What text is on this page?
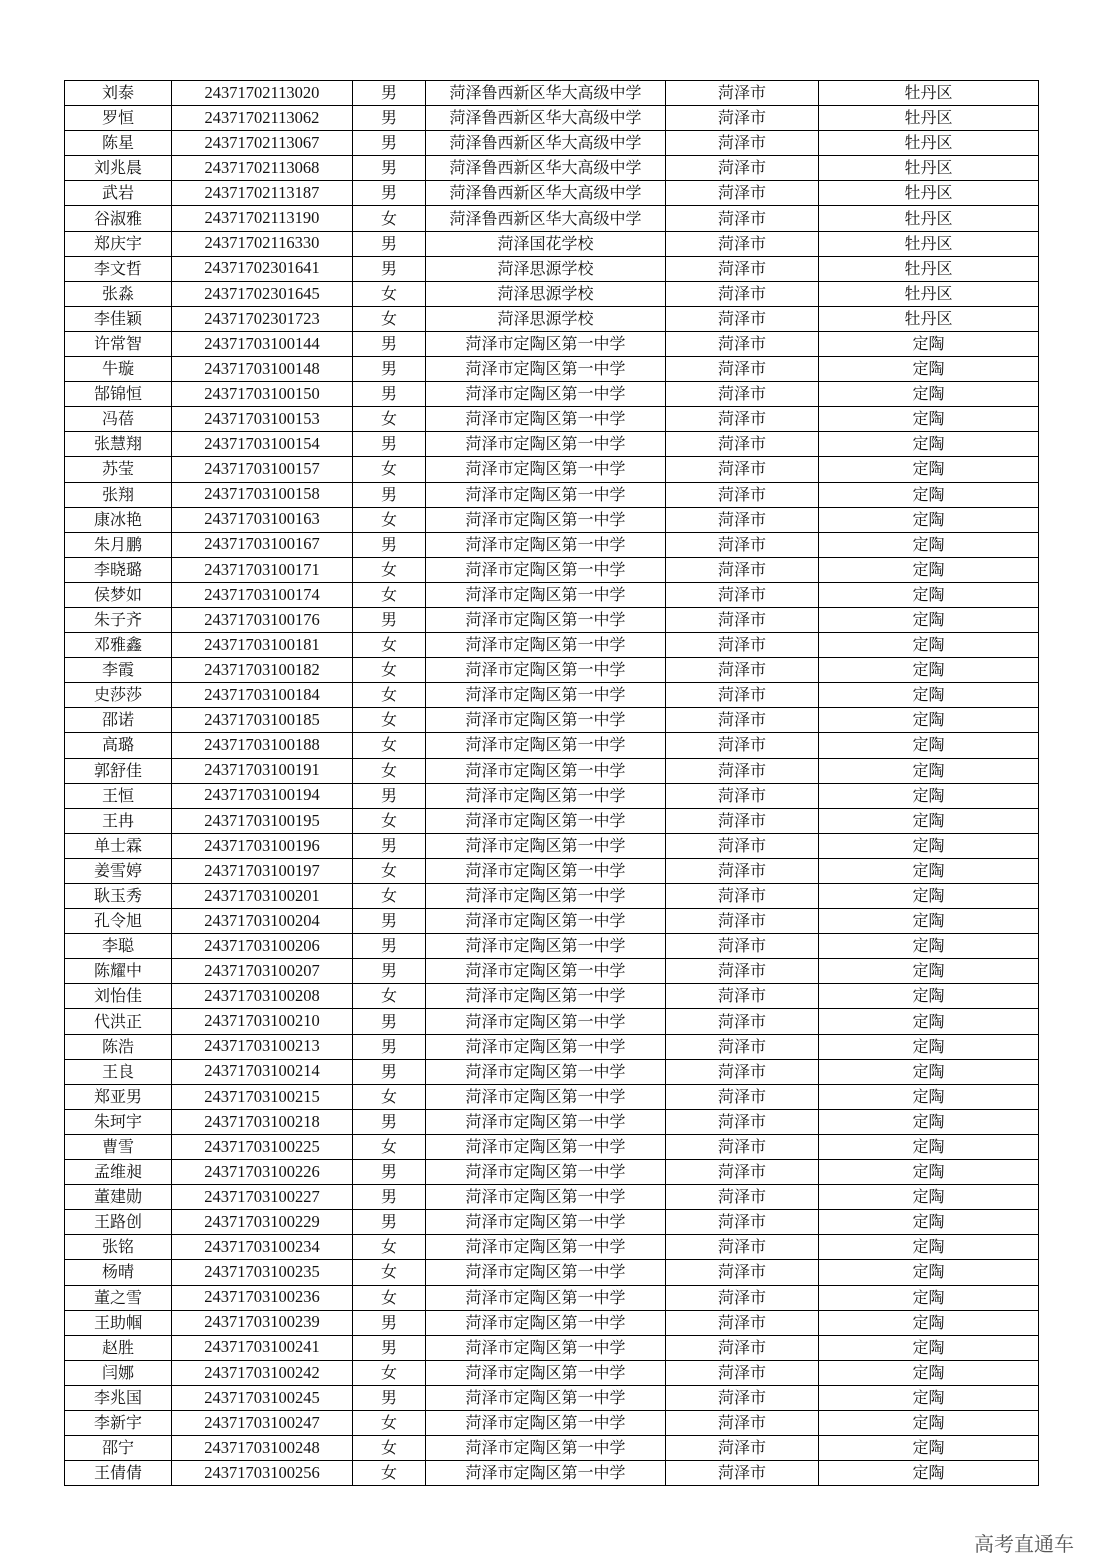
刘泰	24371702113020	男	菏泽鲁西新区华大高级中学	菏泽市	牡丹区
罗恒	24371702113062	男	菏泽鲁西新区华大高级中学	菏泽市	牡丹区
陈星	24371702113067	男	菏泽鲁西新区华大高级中学	菏泽市	牡丹区
刘兆晨	24371702113068	男	菏泽鲁西新区华大高级中学	菏泽市	牡丹区
武岩	24371702113187	男	菏泽鲁西新区华大高级中学	菏泽市	牡丹区
谷淑雅	24371702113190	女	菏泽鲁西新区华大高级中学	菏泽市	牡丹区
郑庆宇	24371702116330	男	菏泽国花学校	菏泽市	牡丹区
李文哲	24371702301641	男	菏泽思源学校	菏泽市	牡丹区
张淼	24371702301645	女	菏泽思源学校	菏泽市	牡丹区
李佳颖	24371702301723	女	菏泽思源学校	菏泽市	牡丹区
许常智	24371703100144	男	菏泽市定陶区第一中学	菏泽市	定陶
牛璇	24371703100148	男	菏泽市定陶区第一中学	菏泽市	定陶
郜锦恒	24371703100150	男	菏泽市定陶区第一中学	菏泽市	定陶
冯蓓	24371703100153	女	菏泽市定陶区第一中学	菏泽市	定陶
张慧翔	24371703100154	男	菏泽市定陶区第一中学	菏泽市	定陶
苏莹	24371703100157	女	菏泽市定陶区第一中学	菏泽市	定陶
张翔	24371703100158	男	菏泽市定陶区第一中学	菏泽市	定陶
康冰艳	24371703100163	女	菏泽市定陶区第一中学	菏泽市	定陶
朱月鹏	24371703100167	男	菏泽市定陶区第一中学	菏泽市	定陶
李晓璐	24371703100171	女	菏泽市定陶区第一中学	菏泽市	定陶
侯梦如	24371703100174	女	菏泽市定陶区第一中学	菏泽市	定陶
朱子齐	24371703100176	男	菏泽市定陶区第一中学	菏泽市	定陶
邓雅鑫	24371703100181	女	菏泽市定陶区第一中学	菏泽市	定陶
李霞	24371703100182	女	菏泽市定陶区第一中学	菏泽市	定陶
史莎莎	24371703100184	女	菏泽市定陶区第一中学	菏泽市	定陶
邵诺	24371703100185	女	菏泽市定陶区第一中学	菏泽市	定陶
高璐	24371703100188	女	菏泽市定陶区第一中学	菏泽市	定陶
郭舒佳	24371703100191	女	菏泽市定陶区第一中学	菏泽市	定陶
王恒	24371703100194	男	菏泽市定陶区第一中学	菏泽市	定陶
王冉	24371703100195	女	菏泽市定陶区第一中学	菏泽市	定陶
单士霖	24371703100196	男	菏泽市定陶区第一中学	菏泽市	定陶
姜雪婷	24371703100197	女	菏泽市定陶区第一中学	菏泽市	定陶
耿玉秀	24371703100201	女	菏泽市定陶区第一中学	菏泽市	定陶
孔令旭	24371703100204	男	菏泽市定陶区第一中学	菏泽市	定陶
李聪	24371703100206	男	菏泽市定陶区第一中学	菏泽市	定陶
陈耀中	24371703100207	男	菏泽市定陶区第一中学	菏泽市	定陶
刘怡佳	24371703100208	女	菏泽市定陶区第一中学	菏泽市	定陶
代洪正	24371703100210	男	菏泽市定陶区第一中学	菏泽市	定陶
陈浩	24371703100213	男	菏泽市定陶区第一中学	菏泽市	定陶
王良	24371703100214	男	菏泽市定陶区第一中学	菏泽市	定陶
郑亚男	24371703100215	女	菏泽市定陶区第一中学	菏泽市	定陶
朱珂宇	24371703100218	男	菏泽市定陶区第一中学	菏泽市	定陶
曹雪	24371703100225	女	菏泽市定陶区第一中学	菏泽市	定陶
孟维昶	24371703100226	男	菏泽市定陶区第一中学	菏泽市	定陶
董建勋	24371703100227	男	菏泽市定陶区第一中学	菏泽市	定陶
王路创	24371703100229	男	菏泽市定陶区第一中学	菏泽市	定陶
张铭	24371703100234	女	菏泽市定陶区第一中学	菏泽市	定陶
杨晴	24371703100235	女	菏泽市定陶区第一中学	菏泽市	定陶
董之雪	24371703100236	女	菏泽市定陶区第一中学	菏泽市	定陶
王助帼	24371703100239	男	菏泽市定陶区第一中学	菏泽市	定陶
赵胜	24371703100241	男	菏泽市定陶区第一中学	菏泽市	定陶
闫娜	24371703100242	女	菏泽市定陶区第一中学	菏泽市	定陶
李兆国	24371703100245	男	菏泽市定陶区第一中学	菏泽市	定陶
李新宇	24371703100247	女	菏泽市定陶区第一中学	菏泽市	定陶
邵宁	24371703100248	女	菏泽市定陶区第一中学	菏泽市	定陶
王倩倩	24371703100256	女	菏泽市定陶区第一中学	菏泽市	定陶
高考直通车
